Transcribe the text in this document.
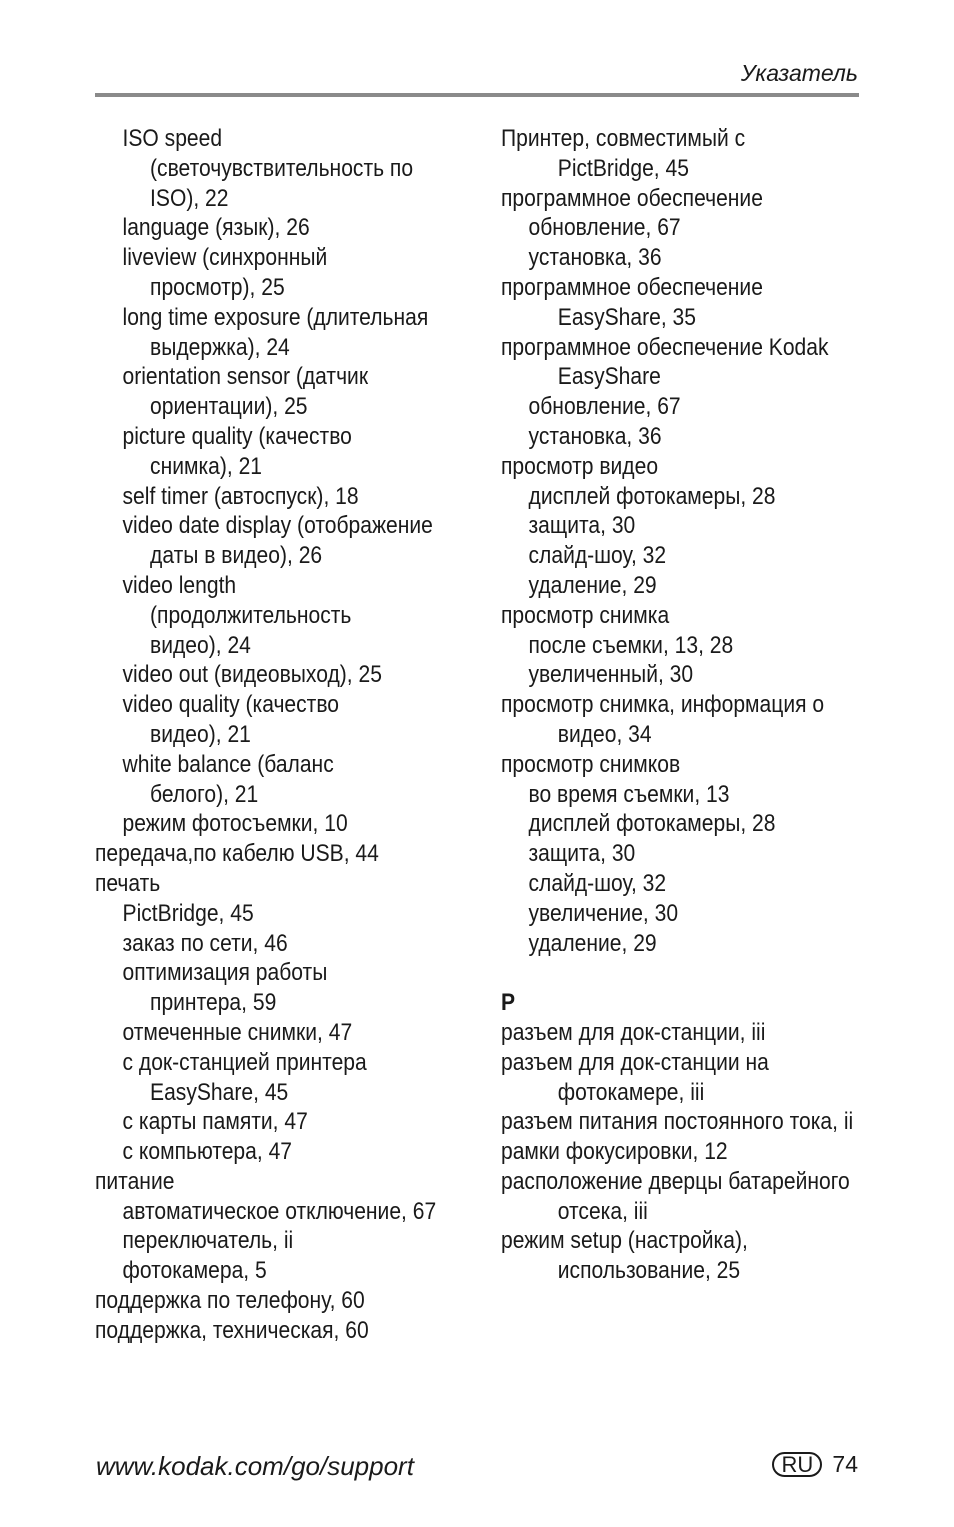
Указатель
ISO speed
(светочувствительность по
ISO), 22
language (язык), 26
liveview (синхронный
просмотр), 25
long time exposure (длительная
выдержка), 24
orientation sensor (датчик
ориентации), 25
picture quality (качество
снимка), 21
self timer (автоспуск), 18
video date display (отображение
даты в видео), 26
video length
(продолжительность
видео), 24
video out (видеовыход), 25
video quality (качество
видео), 21
white balance (баланс
белого), 21
режим фотосъемки, 10
передача,по кабелю USB, 44
печать
PictBridge, 45
заказ по сети, 46
оптимизация работы
принтера, 59
отмеченные снимки, 47
с док-станцией принтера
EasyShare, 45
с карты памяти, 47
с компьютера, 47
питание
автоматическое отключение, 67
переключатель, ii
фотокамера, 5
поддержка по телефону, 60
поддержка, техническая, 60
Принтер, совместимый с
PictBridge, 45
программное обеспечение
обновление, 67
установка, 36
программное обеспечение
EasyShare, 35
программное обеспечение Kodak
EasyShare
обновление, 67
установка, 36
просмотр видео
дисплей фотокамеры, 28
защита, 30
слайд-шоу, 32
удаление, 29
просмотр снимка
после съемки, 13, 28
увеличенный, 30
просмотр снимка, информация о
видео, 34
просмотр снимков
во время съемки, 13
дисплей фотокамеры, 28
защита, 30
слайд-шоу, 32
увеличение, 30
удаление, 29
Р
разъем для док-станции, iii
разъем для док-станции на
фотокамере, iii
разъем питания постоянного тока, ii
рамки фокусировки, 12
расположение дверцы батарейного
отсека, iii
режим setup (настройка),
использование, 25
www.kodak.com/go/support	RU 74
